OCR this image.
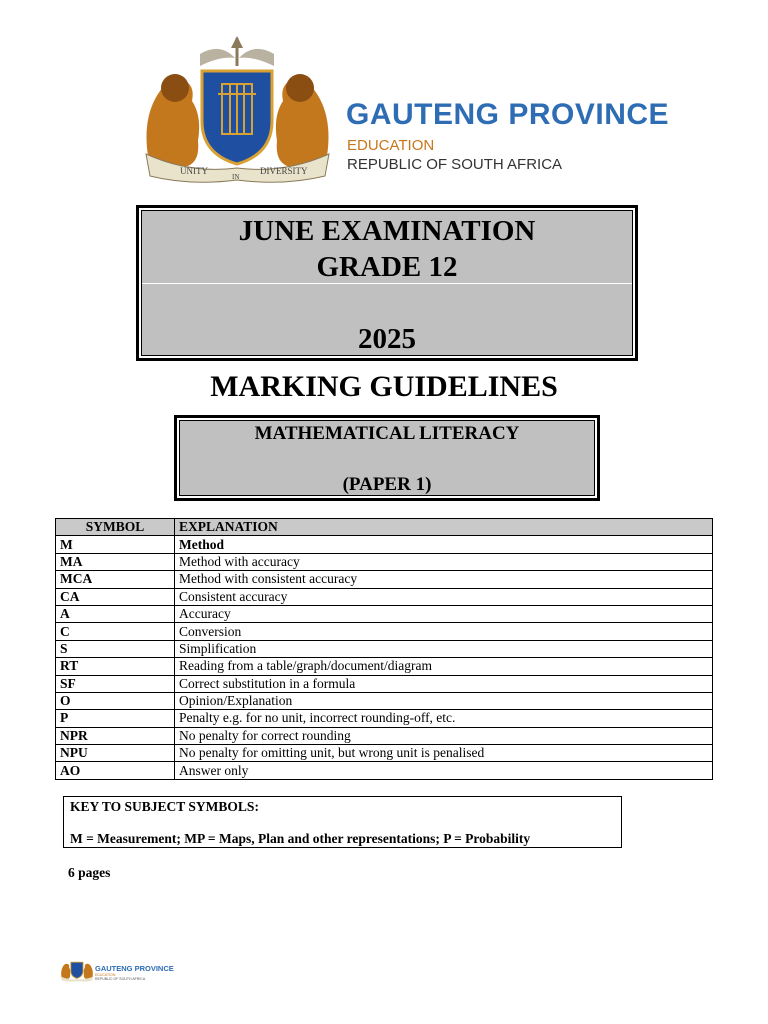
UNITY
IN
DIVERSITY
GAUTENG PROVINCE
EDUCATION
REPUBLIC OF SOUTH AFRICA
JUNE EXAMINATION
GRADE 12
2025
MARKING GUIDELINES
MATHEMATICAL LITERACY
(PAPER 1)
SYMBOL	EXPLANATION
M	Method
MA	Method with accuracy
MCA	Method with consistent accuracy
CA	Consistent accuracy
A	Accuracy
C	Conversion
S	Simplification
RT	Reading from a table/graph/document/diagram
SF	Correct substitution in a formula
O	Opinion/Explanation
P	Penalty e.g. for no unit, incorrect rounding-off, etc.
NPR	No penalty for correct rounding
NPU	No penalty for omitting unit, but wrong unit is penalised
AO	Answer only
KEY TO SUBJECT SYMBOLS:
M = Measurement; MP = Maps, Plan and other representations; P = Probability
6 pages
GAUTENG PROVINCE
EDUCATION
REPUBLIC OF SOUTH AFRICA
